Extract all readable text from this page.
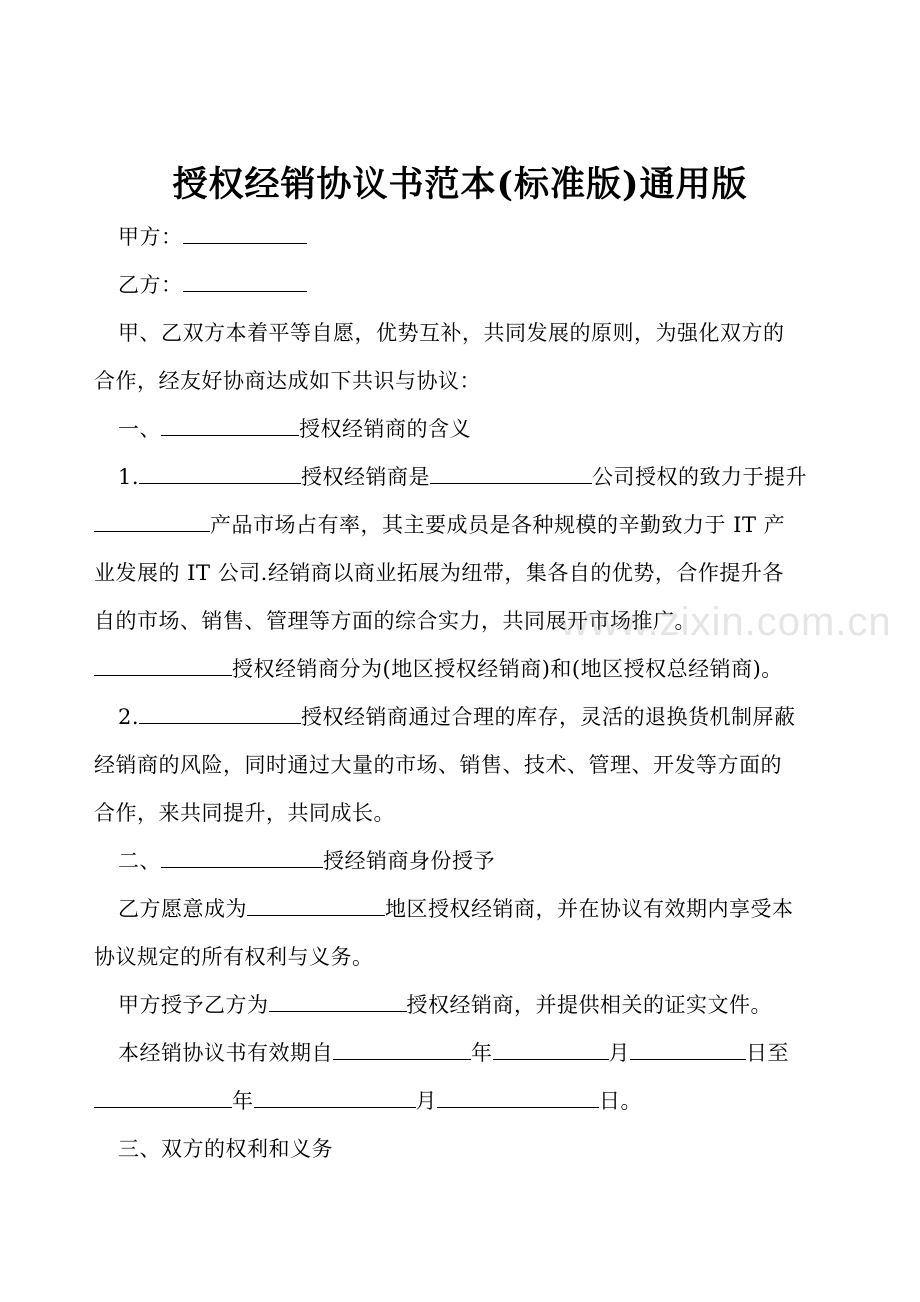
授权经销协议书范本(标准版)通用版
甲方：
乙方：
甲、乙双方本着平等自愿，优势互补，共同发展的原则，为强化双方的
合作，经友好协商达成如下共识与协议：
一、	授权经销商的含义
1.	授权经销商是	公司授权的致力于提升
产品市场占有率，其主要成员是各种规模的辛勤致力于 IT 产
业发展的 IT 公司.经销商以商业拓展为纽带，集各自的优势，合作提升各
自的市场、销售、管理等方面的综合实力，共同展开市场推广。
授权经销商分为(地区授权经销商)和(地区授权总经销商)。
2.	授权经销商通过合理的库存，灵活的退换货机制屏蔽
经销商的风险，同时通过大量的市场、销售、技术、管理、开发等方面的
合作，来共同提升，共同成长。
二、	授经销商身份授予
乙方愿意成为	地区授权经销商，并在协议有效期内享受本
协议规定的所有权利与义务。
甲方授予乙方为	授权经销商，并提供相关的证实文件。
本经销协议书有效期自	年	月	日至
年	月	日。
三、双方的权利和义务
www.zixin.com.cn
